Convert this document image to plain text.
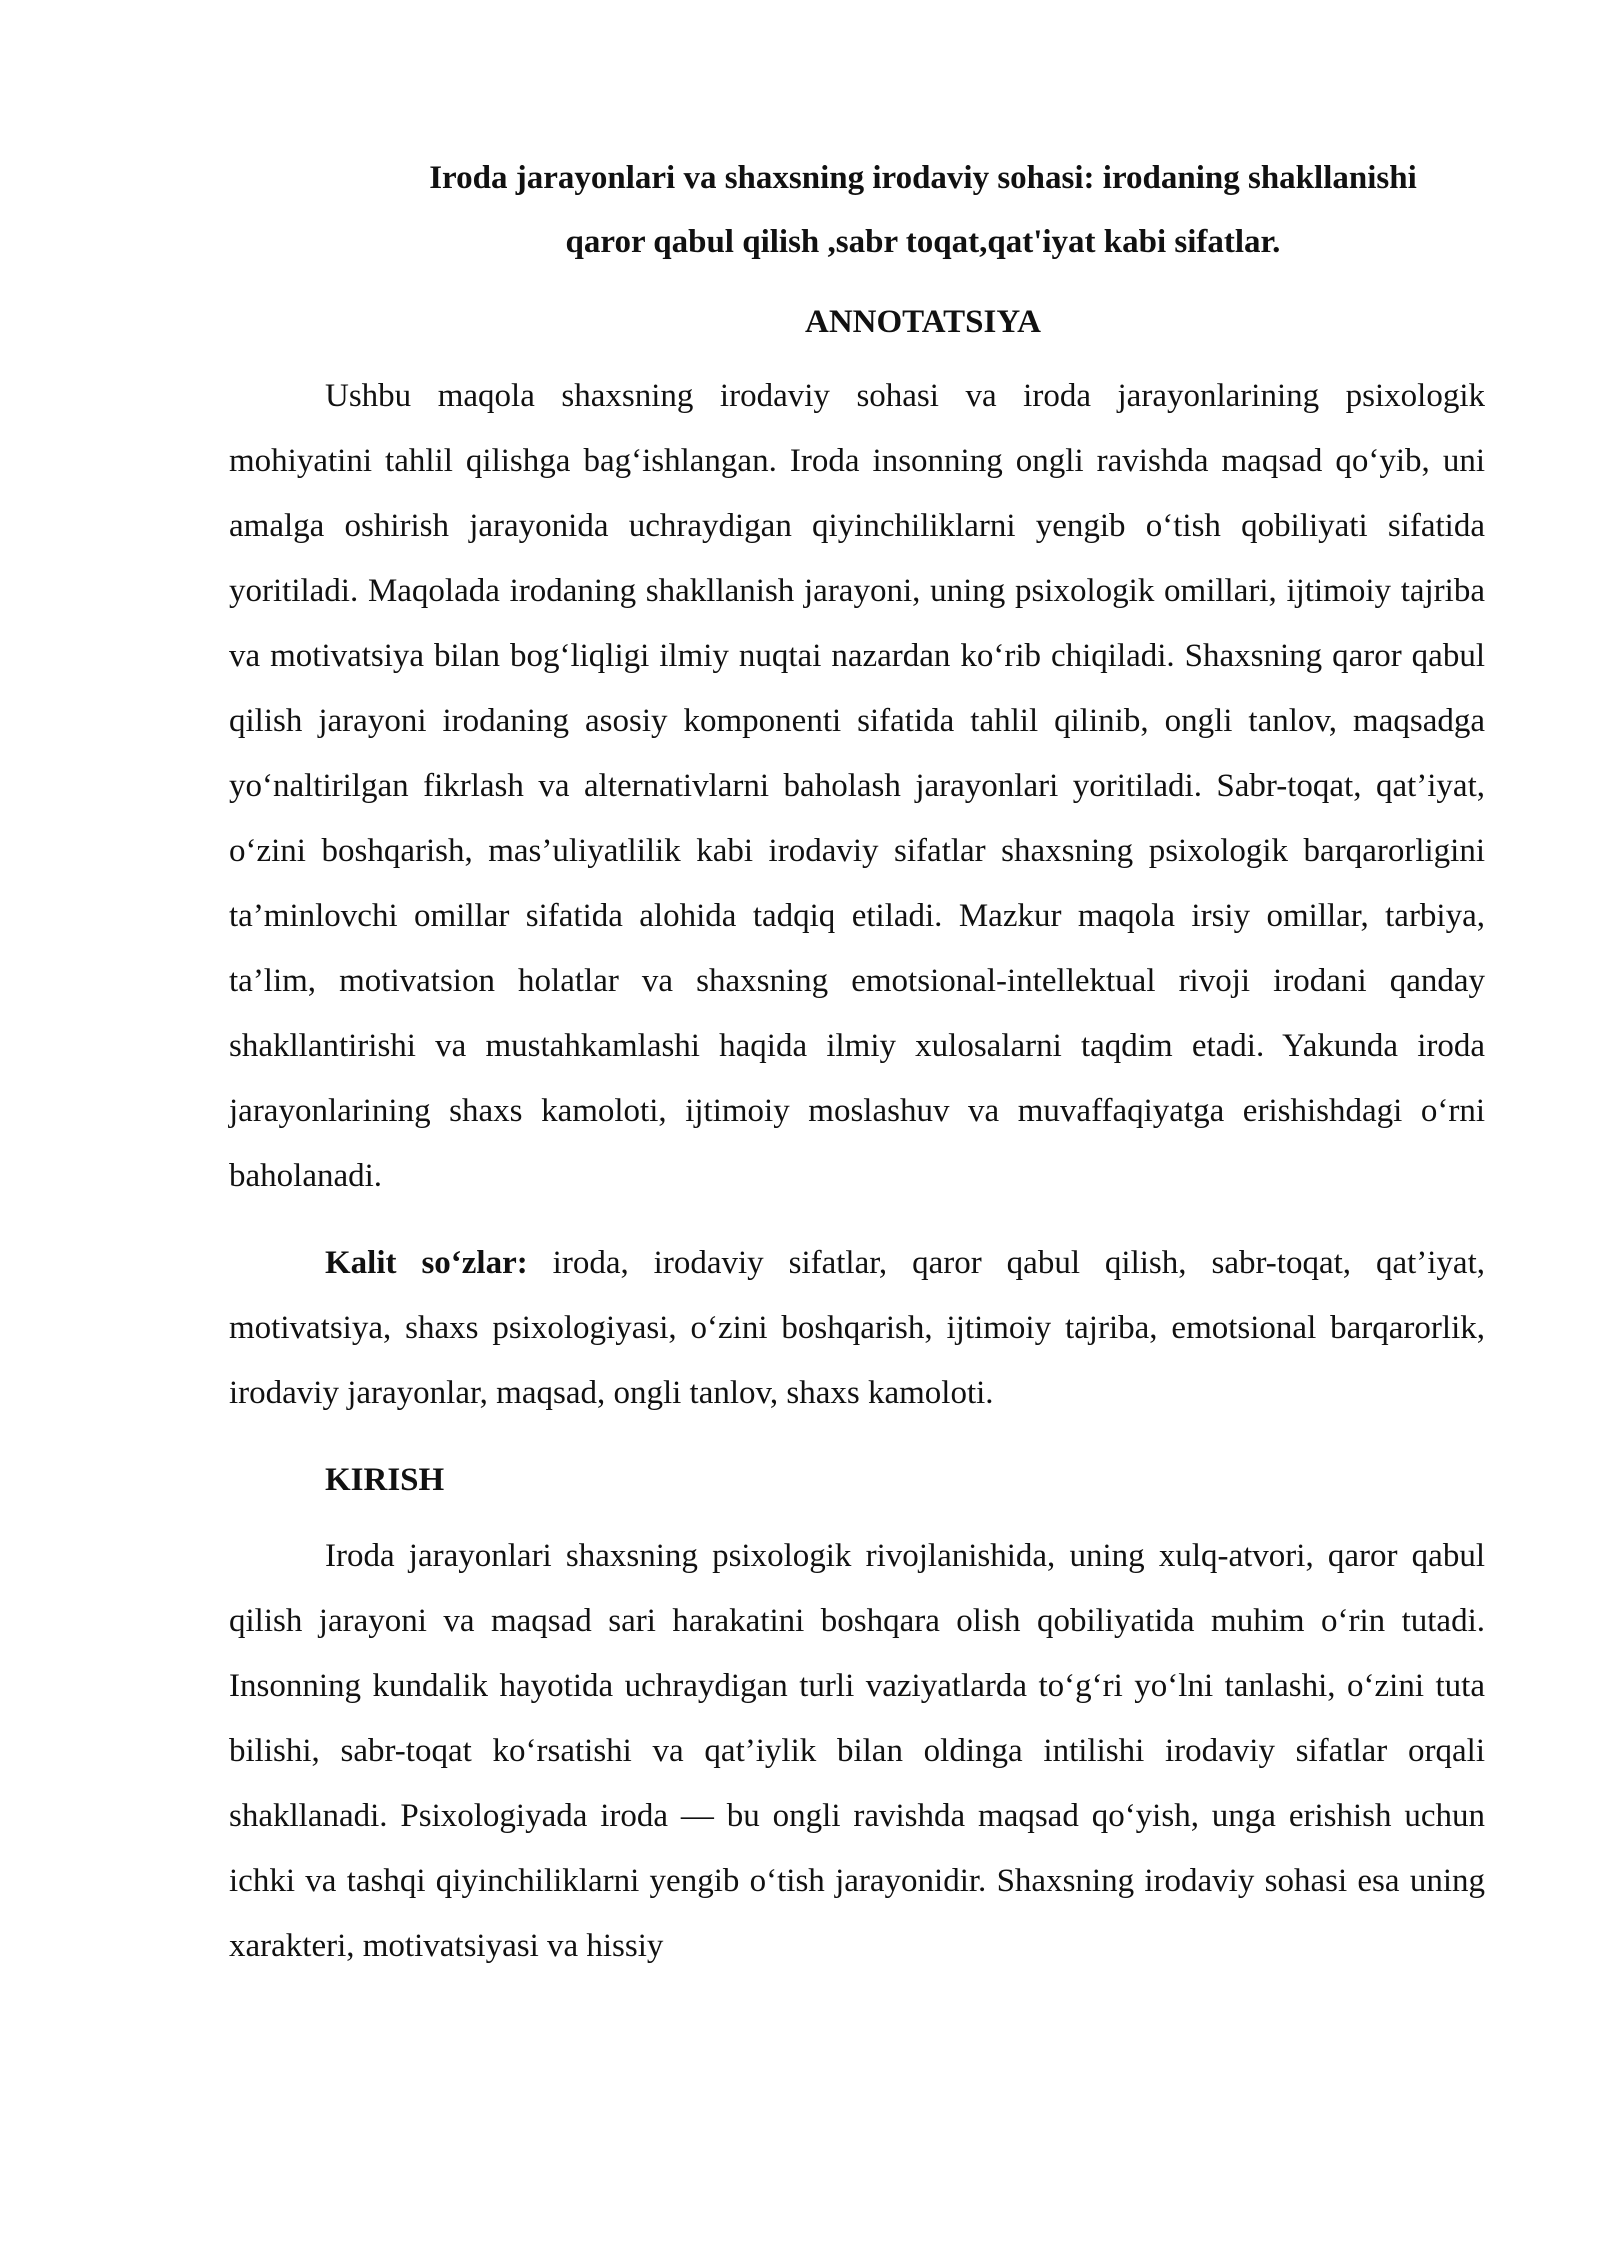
Iroda jarayonlari va shaxsning irodaviy sohasi: irodaning shakllanishi
qaror qabul qilish ,sabr toqat,qat'iyat kabi sifatlar.
ANNOTATSIYA

Ushbu maqola shaxsning irodaviy sohasi va iroda jarayonlarining psixologik mohiyatini tahlil qilishga bag‘ishlangan. Iroda insonning ongli ravishda maqsad qo‘yib, uni amalga oshirish jarayonida uchraydigan qiyinchiliklarni yengib o‘tish qobiliyati sifatida yoritiladi. Maqolada irodaning shakllanish jarayoni, uning psixologik omillari, ijtimoiy tajriba va motivatsiya bilan bog‘liqligi ilmiy nuqtai nazardan ko‘rib chiqiladi. Shaxsning qaror qabul qilish jarayoni irodaning asosiy komponenti sifatida tahlil qilinib, ongli tanlov, maqsadga yo‘naltirilgan fikrlash va alternativlarni baholash jarayonlari yoritiladi. Sabr-toqat, qat’iyat, o‘zini boshqarish, mas’uliyatlilik kabi irodaviy sifatlar shaxsning psixologik barqarorligini ta’minlovchi omillar sifatida alohida tadqiq etiladi. Mazkur maqola irsiy omillar, tarbiya, ta’lim, motivatsion holatlar va shaxsning emotsional-intellektual rivoji irodani qanday shakllantirishi va mustahkamlashi haqida ilmiy xulosalarni taqdim etadi. Yakunda iroda jarayonlarining shaxs kamoloti, ijtimoiy moslashuv va muvaffaqiyatga erishishdagi o‘rni baholanadi.

Kalit so‘zlar: iroda, irodaviy sifatlar, qaror qabul qilish, sabr-toqat, qat’iyat, motivatsiya, shaxs psixologiyasi, o‘zini boshqarish, ijtimoiy tajriba, emotsional barqarorlik, irodaviy jarayonlar, maqsad, ongli tanlov, shaxs kamoloti.

KIRISH

Iroda jarayonlari shaxsning psixologik rivojlanishida, uning xulq-atvori, qaror qabul qilish jarayoni va maqsad sari harakatini boshqara olish qobiliyatida muhim o‘rin tutadi. Insonning kundalik hayotida uchraydigan turli vaziyatlarda to‘g‘ri yo‘lni tanlashi, o‘zini tuta bilishi, sabr-toqat ko‘rsatishi va qat’iylik bilan oldinga intilishi irodaviy sifatlar orqali shakllanadi. Psixologiyada iroda — bu ongli ravishda maqsad qo‘yish, unga erishish uchun ichki va tashqi qiyinchiliklarni yengib o‘tish jarayonidir. Shaxsning irodaviy sohasi esa uning xarakteri, motivatsiyasi va hissiy
